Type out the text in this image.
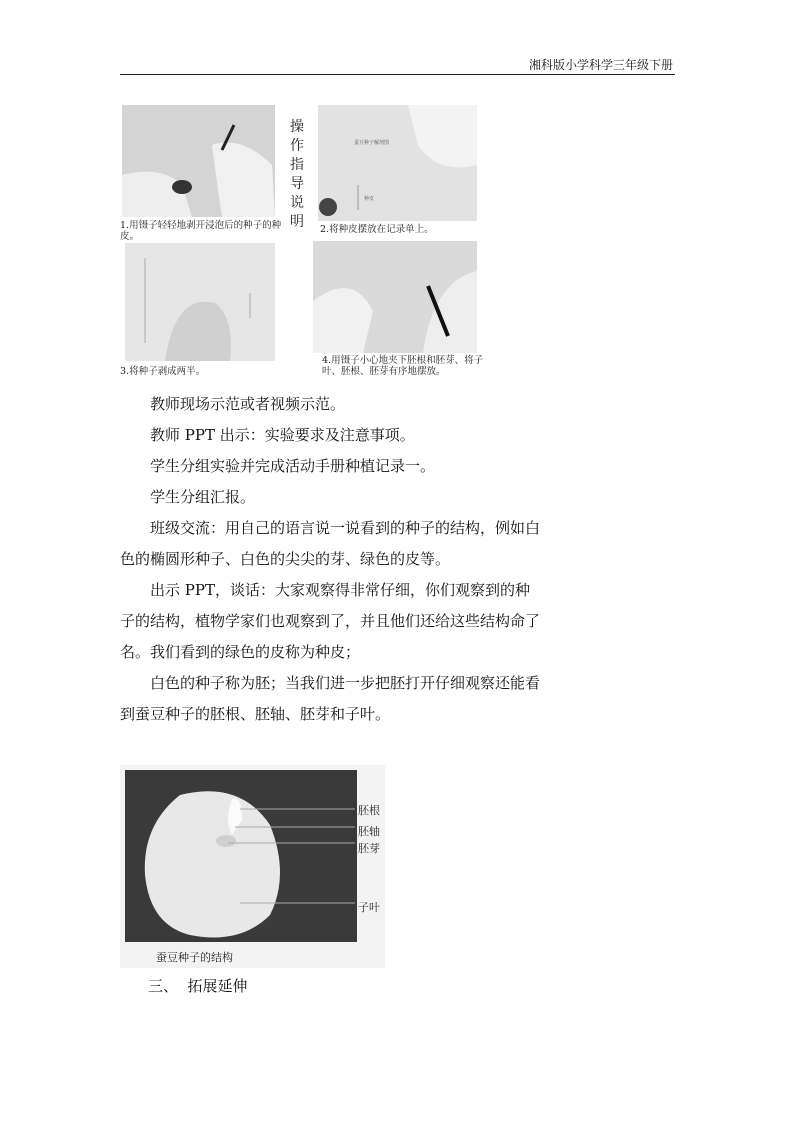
湘科版小学科学三年级下册
1.用镊子轻轻地剥开浸泡后的种子的种皮。
操作指导说明
蚕豆种子解剖图
种皮
2.将种皮摆放在记录单上。
3.将种子剥成两半。
4.用镊子小心地夹下胚根和胚芽、将子叶、胚根、胚芽有序地摆放。

教师现场示范或者视频示范。

教师 PPT 出示：实验要求及注意事项。

学生分组实验并完成活动手册种植记录一。

学生分组汇报。

班级交流：用自己的语言说一说看到的种子的结构，例如白色的椭圆形种子、白色的尖尖的芽、绿色的皮等。

出示 PPT，谈话：大家观察得非常仔细，你们观察到的种子的结构，植物学家们也观察到了，并且他们还给这些结构命了名。我们看到的绿色的皮称为种皮；

白色的种子称为胚；当我们进一步把胚打开仔细观察还能看到蚕豆种子的胚根、胚轴、胚芽和子叶。

胚根
胚轴
胚芽
子叶
蚕豆种子的结构
三、  拓展延伸
